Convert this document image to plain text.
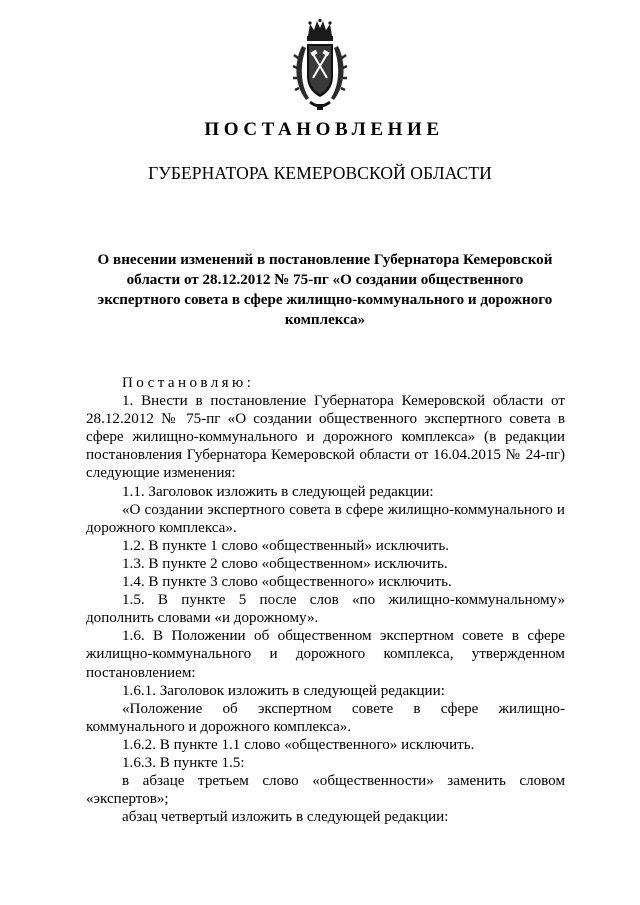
ПОСТАНОВЛЕНИЕ
ГУБЕРНАТОРА КЕМЕРОВСКОЙ ОБЛАСТИ
О внесении изменений в постановление Губернатора Кемеровской
области от 28.12.2012 № 75-пг «О создании общественного
экспертного совета в сфере жилищно-коммунального и дорожного
комплекса»

Постановляю:

1. Внести в постановление Губернатора Кемеровской области от 28.12.2012 № 75-пг «О создании общественного экспертного совета в сфере жилищно-коммунального и дорожного комплекса» (в редакции постановления Губернатора Кемеровской области от 16.04.2015 № 24-пг) следующие изменения:

1.1. Заголовок изложить в следующей редакции:

«О создании экспертного совета в сфере жилищно-коммунального и дорожного комплекса».

1.2. В пункте 1 слово «общественный» исключить.

1.3. В пункте 2 слово «общественном» исключить.

1.4. В пункте 3 слово «общественного» исключить.

1.5. В пункте 5 после слов «по жилищно-коммунальному» дополнить словами «и дорожному».

1.6. В Положении об общественном экспертном совете в сфере жилищно-коммунального и дорожного комплекса, утвержденном постановлением:

1.6.1. Заголовок изложить в следующей редакции:

«Положение об экспертном совете в сфере жилищно-коммунального и дорожного комплекса».

1.6.2. В пункте 1.1 слово «общественного» исключить.

1.6.3. В пункте 1.5:

в абзаце третьем слово «общественности» заменить словом «экспертов»;

абзац четвертый изложить в следующей редакции:
